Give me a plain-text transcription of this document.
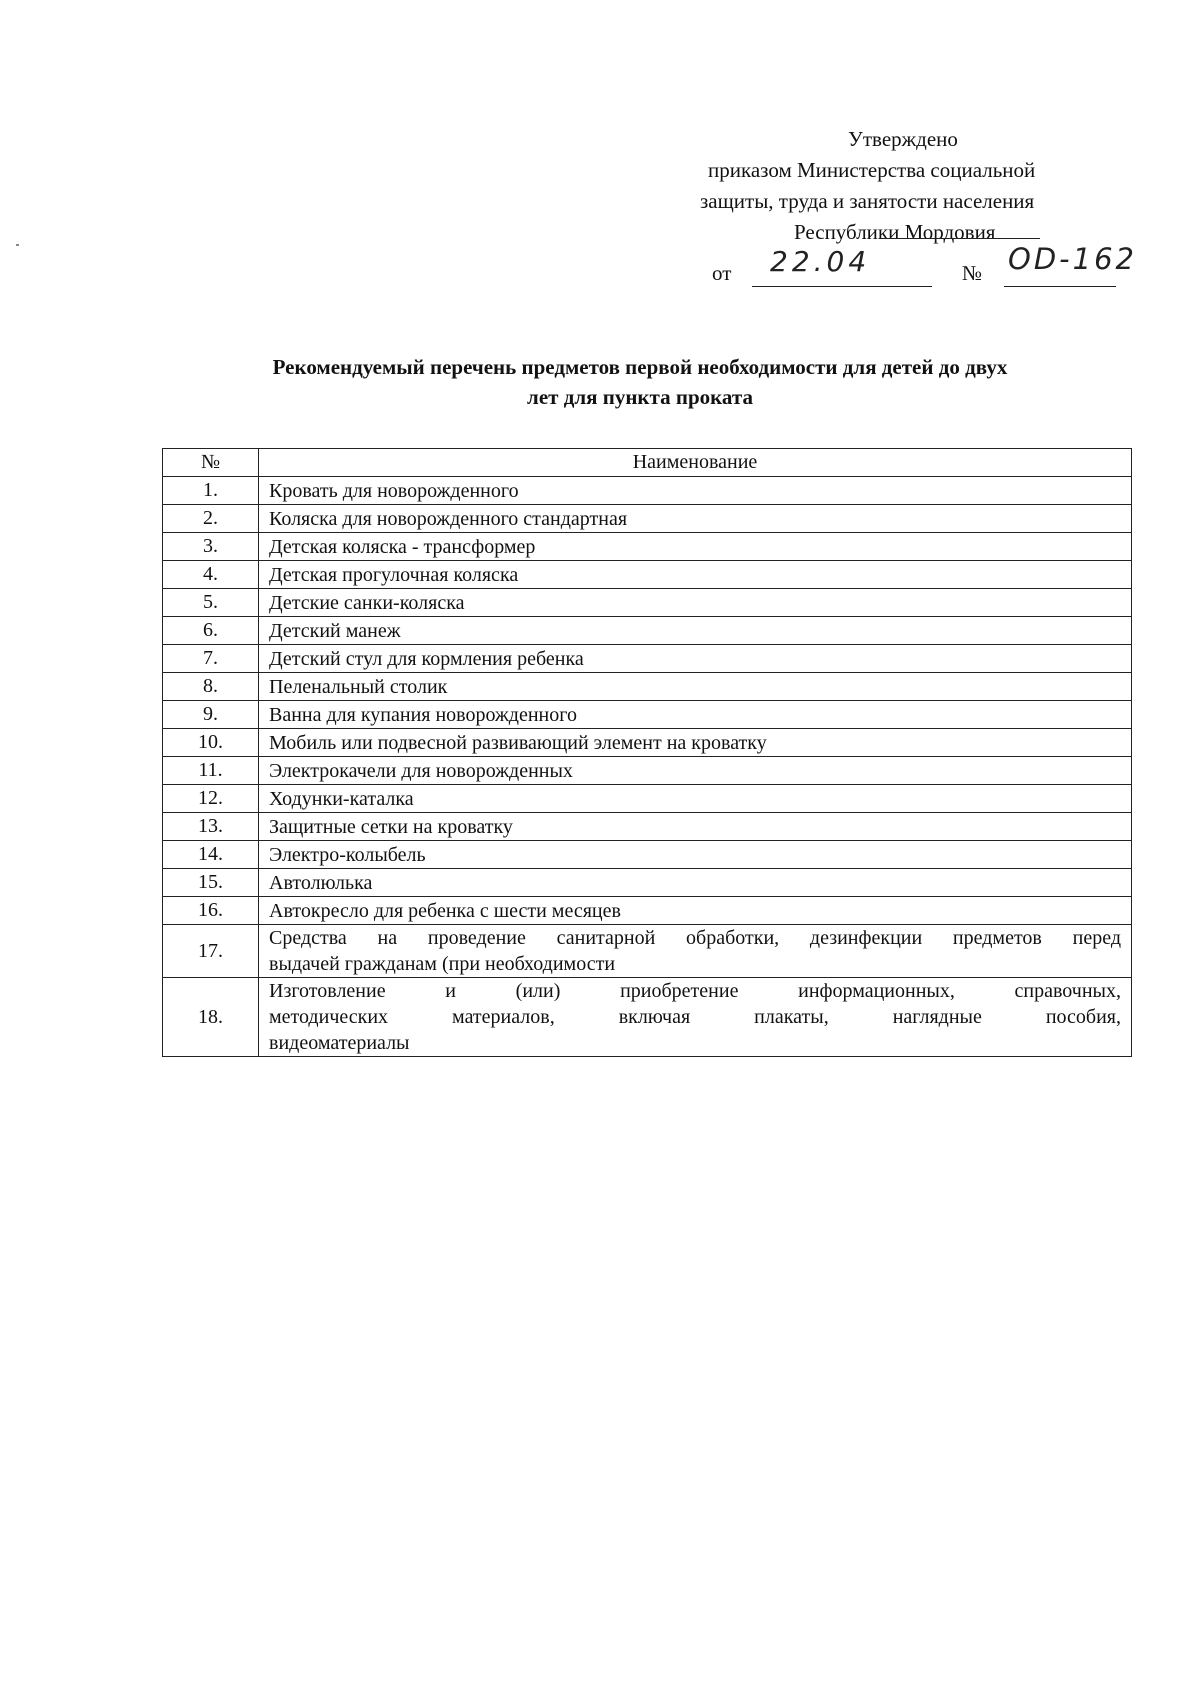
Утверждено
приказом Министерства социальной
защиты, труда и занятости населения
Республики Мордовия
от 22.04	№ OD-162
Рекомендуемый перечень предметов первой необходимости для детей до двух
лет для пункта проката
№	Наименование
1.	Кровать для новорожденного
2.	Коляска для новорожденного стандартная
3.	Детская коляска - трансформер
4.	Детская прогулочная коляска
5.	Детские санки-коляска
6.	Детский манеж
7.	Детский стул для кормления ребенка
8.	Пеленальный столик
9.	Ванна для купания новорожденного
10.	Мобиль или подвесной развивающий элемент на кроватку
11.	Электрокачели для новорожденных
12.	Ходунки-каталка
13.	Защитные сетки на кроватку
14.	Электро-колыбель
15.	Автолюлька
16.	Автокресло для ребенка с шести месяцев
17.	Средства на проведение санитарной обработки, дезинфекции предметов перед
выдачей гражданам (при необходимости

18.	Изготовление и (или) приобретение информационных, справочных,
методических материалов, включая плакаты, наглядные пособия,
видеоматериалы
